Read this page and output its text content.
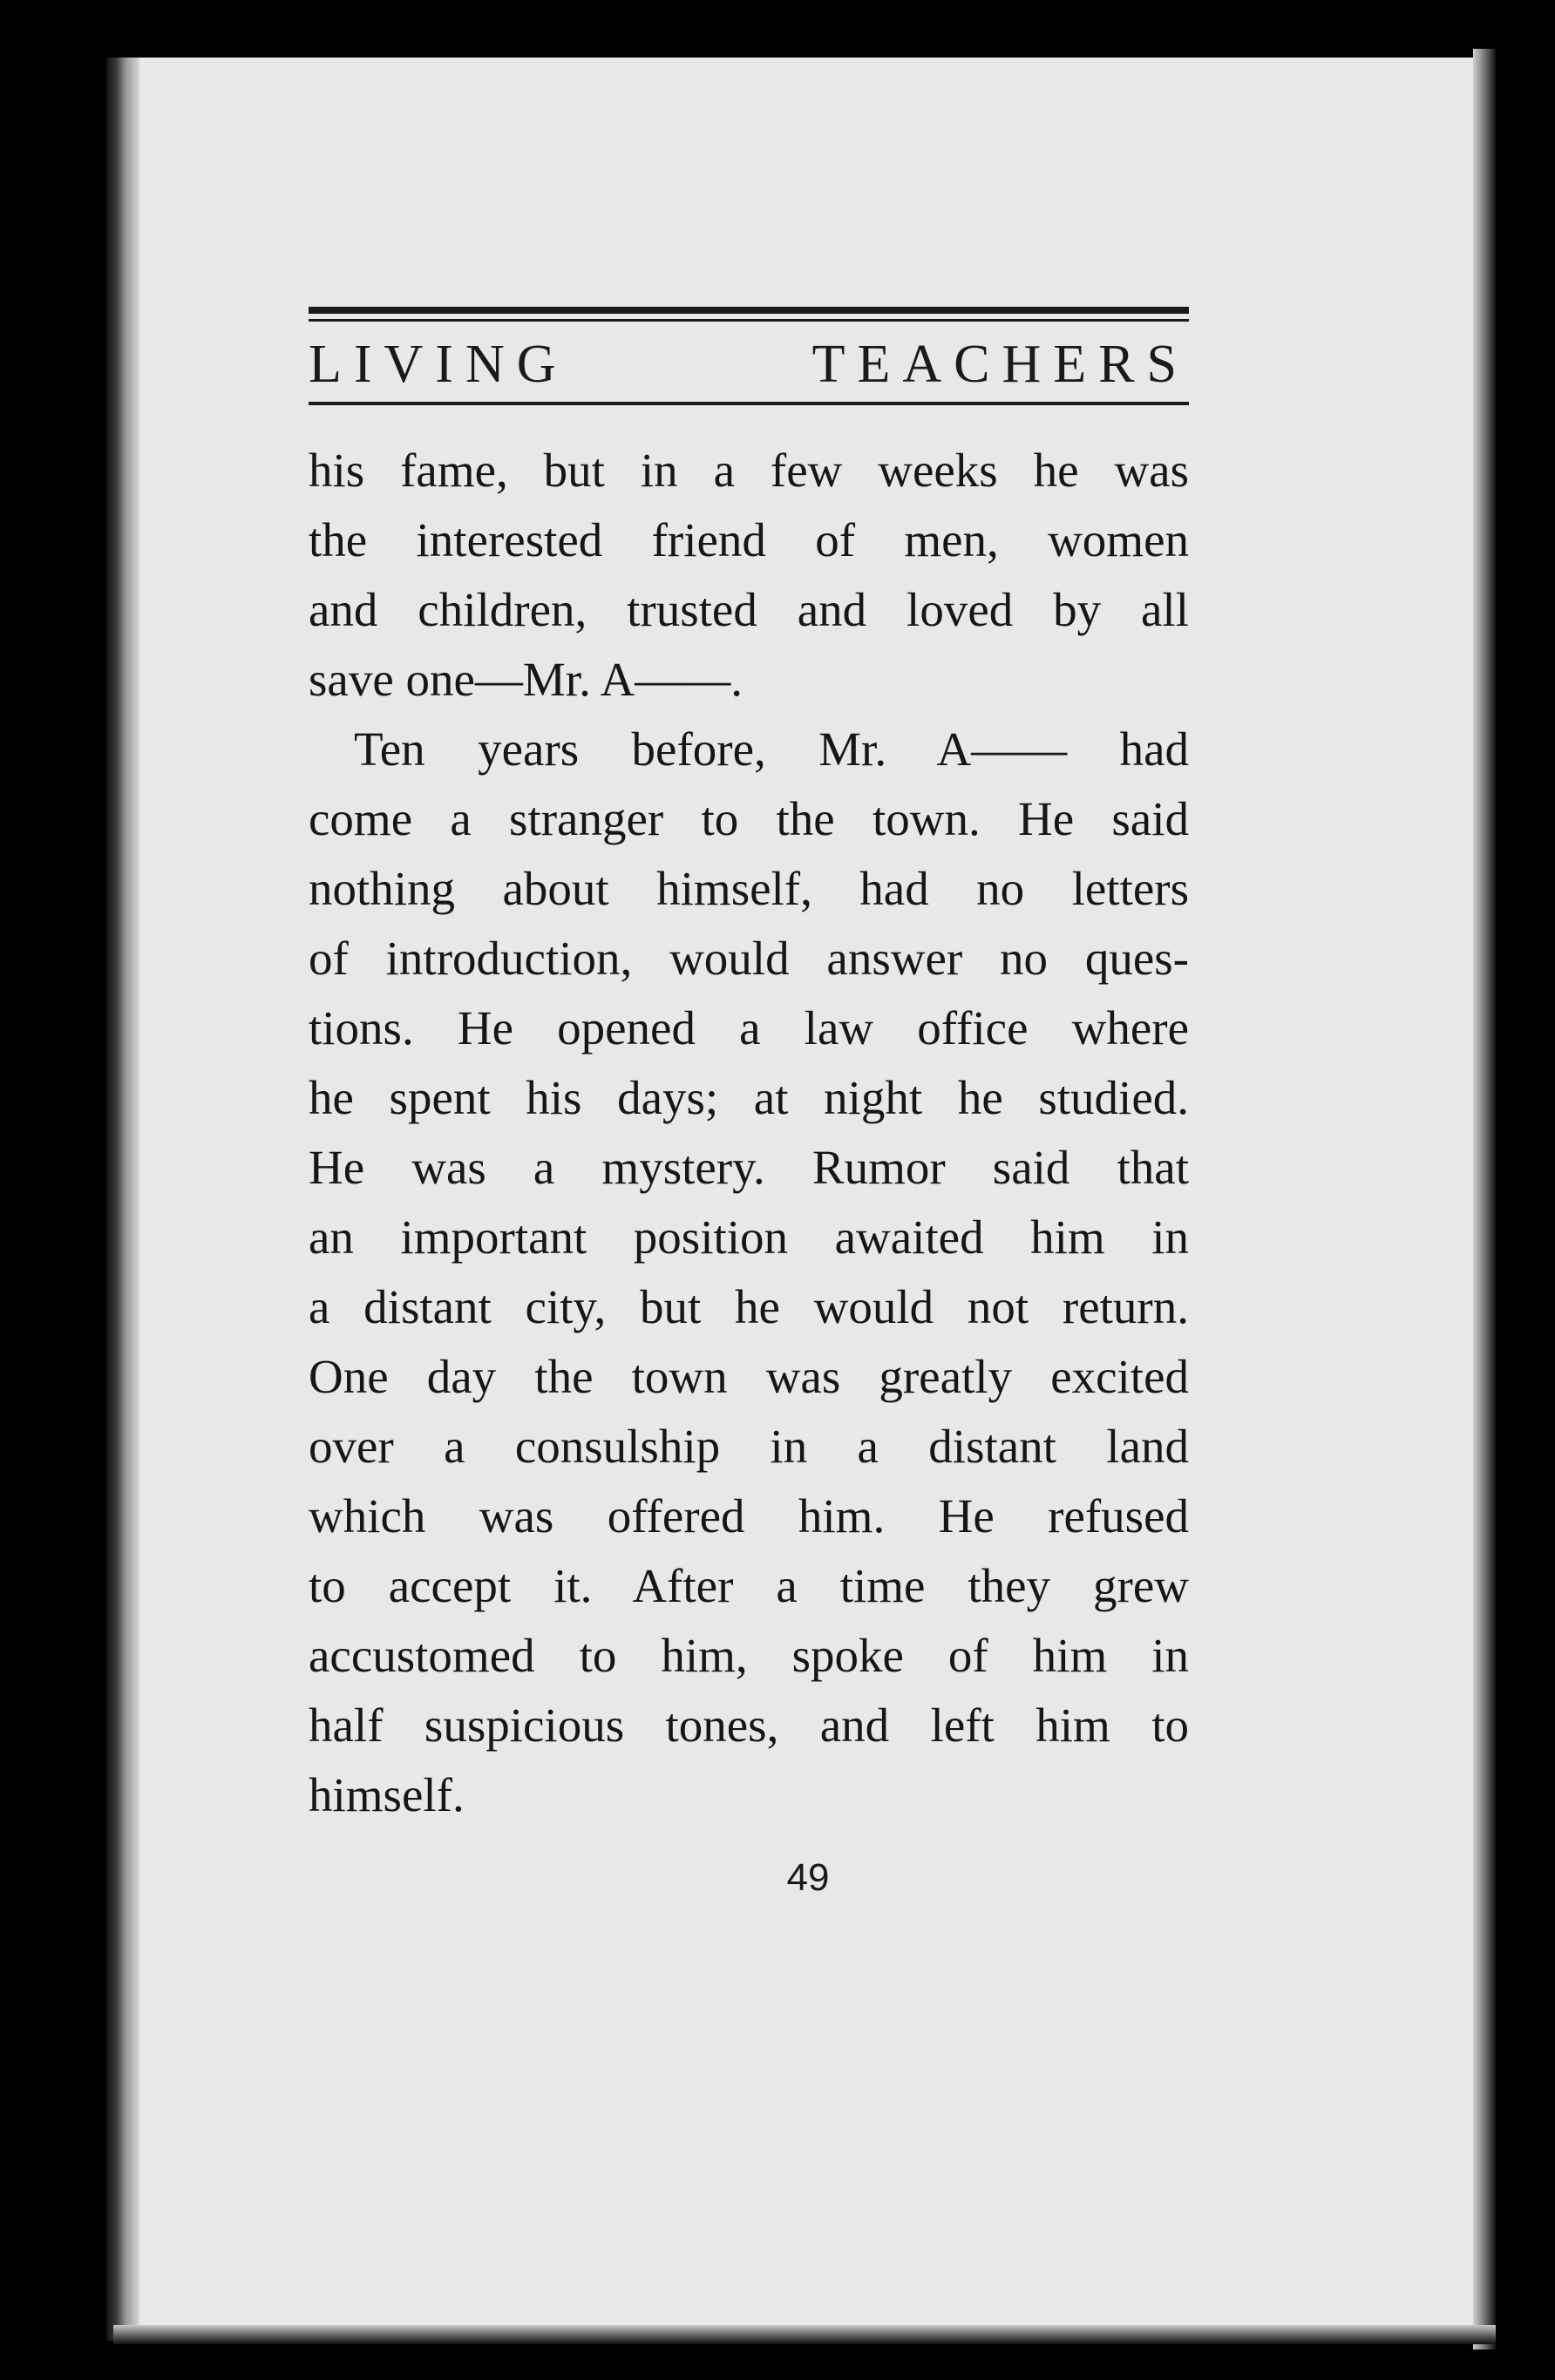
LIVING	TEACHERS
his fame, but in a few weeks he was
the interested friend of men, women
and children, trusted and loved by all
save one—Mr. A——.
Ten years before, Mr. A—— had
come a stranger to the town. He said
nothing about himself, had no letters
of introduction, would answer no ques-
tions. He opened a law office where
he spent his days; at night he studied.
He was a mystery. Rumor said that
an important position awaited him in
a distant city, but he would not return.
One day the town was greatly excited
over a consulship in a distant land
which was offered him. He refused
to accept it. After a time they grew
accustomed to him, spoke of him in
half suspicious tones, and left him to
himself.
49
